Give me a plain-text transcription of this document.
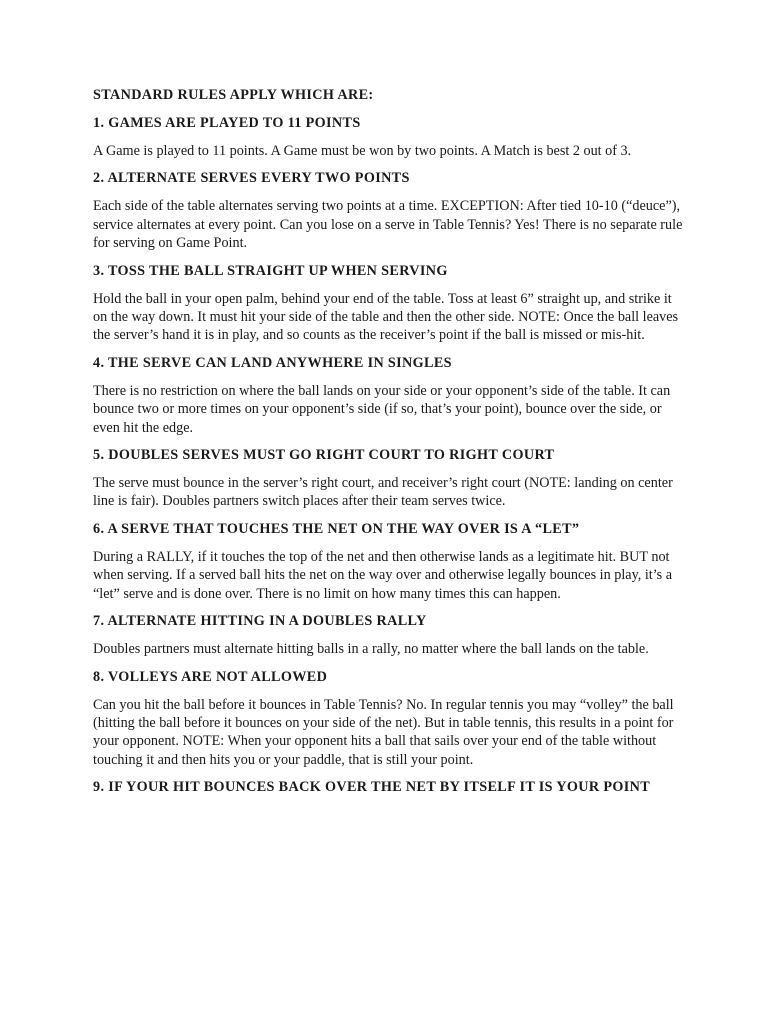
STANDARD RULES APPLY WHICH ARE:

1. GAMES ARE PLAYED TO 11 POINTS

A Game is played to 11 points. A Game must be won by two points. A Match is best 2 out of 3.

2. ALTERNATE SERVES EVERY TWO POINTS

Each side of the table alternates serving two points at a time. EXCEPTION: After tied 10-10 (“deuce”), service alternates at every point. Can you lose on a serve in Table Tennis? Yes! There is no separate rule for serving on Game Point.

3. TOSS THE BALL STRAIGHT UP WHEN SERVING

Hold the ball in your open palm, behind your end of the table. Toss at least 6” straight up, and strike it on the way down. It must hit your side of the table and then the other side. NOTE: Once the ball leaves the server’s hand it is in play, and so counts as the receiver’s point if the ball is missed or mis-hit.

4. THE SERVE CAN LAND ANYWHERE IN SINGLES

There is no restriction on where the ball lands on your side or your opponent’s side of the table. It can bounce two or more times on your opponent’s side (if so, that’s your point), bounce over the side, or even hit the edge.

5. DOUBLES SERVES MUST GO RIGHT COURT TO RIGHT COURT

The serve must bounce in the server’s right court, and receiver’s right court (NOTE: landing on center line is fair). Doubles partners switch places after their team serves twice.

6. A SERVE THAT TOUCHES THE NET ON THE WAY OVER IS A “LET”

During a RALLY, if it touches the top of the net and then otherwise lands as a legitimate hit. BUT not when serving. If a served ball hits the net on the way over and otherwise legally bounces in play, it’s a “let” serve and is done over. There is no limit on how many times this can happen.

7. ALTERNATE HITTING IN A DOUBLES RALLY

Doubles partners must alternate hitting balls in a rally, no matter where the ball lands on the table.

8. VOLLEYS ARE NOT ALLOWED

Can you hit the ball before it bounces in Table Tennis? No. In regular tennis you may “volley” the ball (hitting the ball before it bounces on your side of the net). But in table tennis, this results in a point for your opponent. NOTE: When your opponent hits a ball that sails over your end of the table without touching it and then hits you or your paddle, that is still your point.

9. IF YOUR HIT BOUNCES BACK OVER THE NET BY ITSELF IT IS YOUR POINT
